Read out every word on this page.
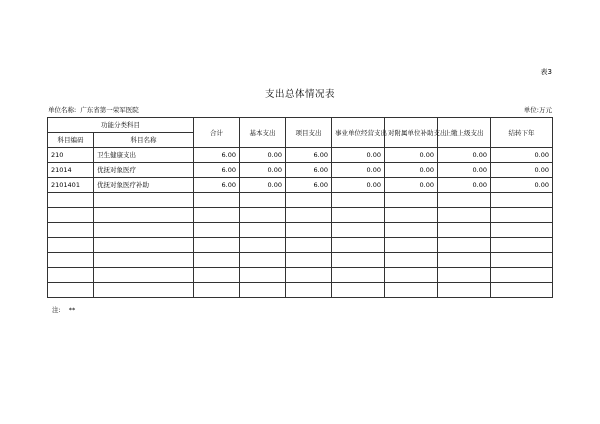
表3
支出总体情况表
单位名称: 广东省第一荣军医院	单位:万元
功能分类科目		合计	基本支出	项目支出	事业单位经营支出	对附属单位补助支出	上缴上级支出	结转下年
科目编码	科目名称							
210	卫生健康支出	6.00	0.00	6.00	0.00	0.00	0.00	0.00
21014	优抚对象医疗	6.00	0.00	6.00	0.00	0.00	0.00	0.00
2101401	优抚对象医疗补助	6.00	0.00	6.00	0.00	0.00	0.00	0.00

注: **
